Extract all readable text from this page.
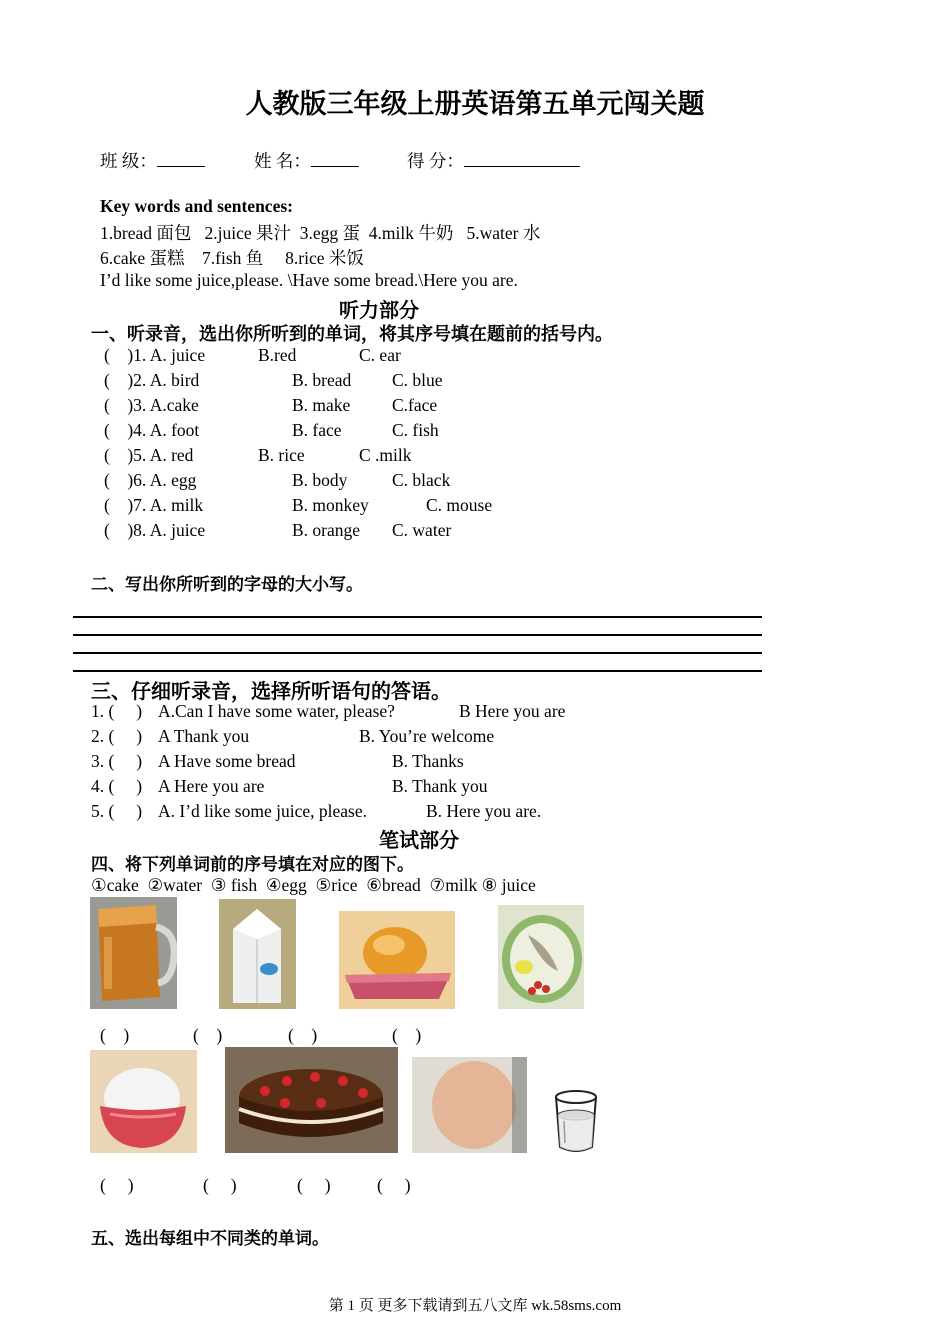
人教版三年级上册英语第五单元闯关题
班 级：	姓 名：	得 分：
Key words and sentences:
1.bread 面包   2.juice 果汁  3.egg 蛋  4.milk 牛奶   5.water 水
6.cake 蛋糕    7.fish 鱼     8.rice 米饭
I’d like some juice,please. \Have some bread.\Here you are.
听力部分
一、听录音，选出你所听到的单词，将其序号填在题前的括号内。
(    )1. A. juice	B.red	C. ear
(    )2. A. bird	B. bread C. blue
(    )3. A.cake	B. make C.face
(    )4. A. foot	B. face	C. fish
(    )5. A. red	B. rice	C .milk
(    )6. A. egg	B. body	C. black
(    )7. A. milk	B. monkey	C. mouse
(    )8. A. juice	B. orange C. water
二、写出你所听到的字母的大小写。
三、仔细听录音，选择所听语句的答语。
1. (     ) A.Can I have some water, please?	B Here you are
2. (     ) A Thank you	B. You’re welcome
3. (     ) A Have some bread	B. Thanks
4. (     ) A Here you are	B. Thank you
5. (     ) A. I’d like some juice, please.	B. Here you are.
笔试部分
四、将下列单词前的序号填在对应的图下。
①cake  ②water  ③ fish  ④egg  ⑤rice  ⑥bread  ⑦milk ⑧ juice
(    )	(    )	(    )	(    )
(     )	(     )	(     )	(     )
五、选出每组中不同类的单词。
第 1 页 更多下载请到五八文库 wk.58sms.com
